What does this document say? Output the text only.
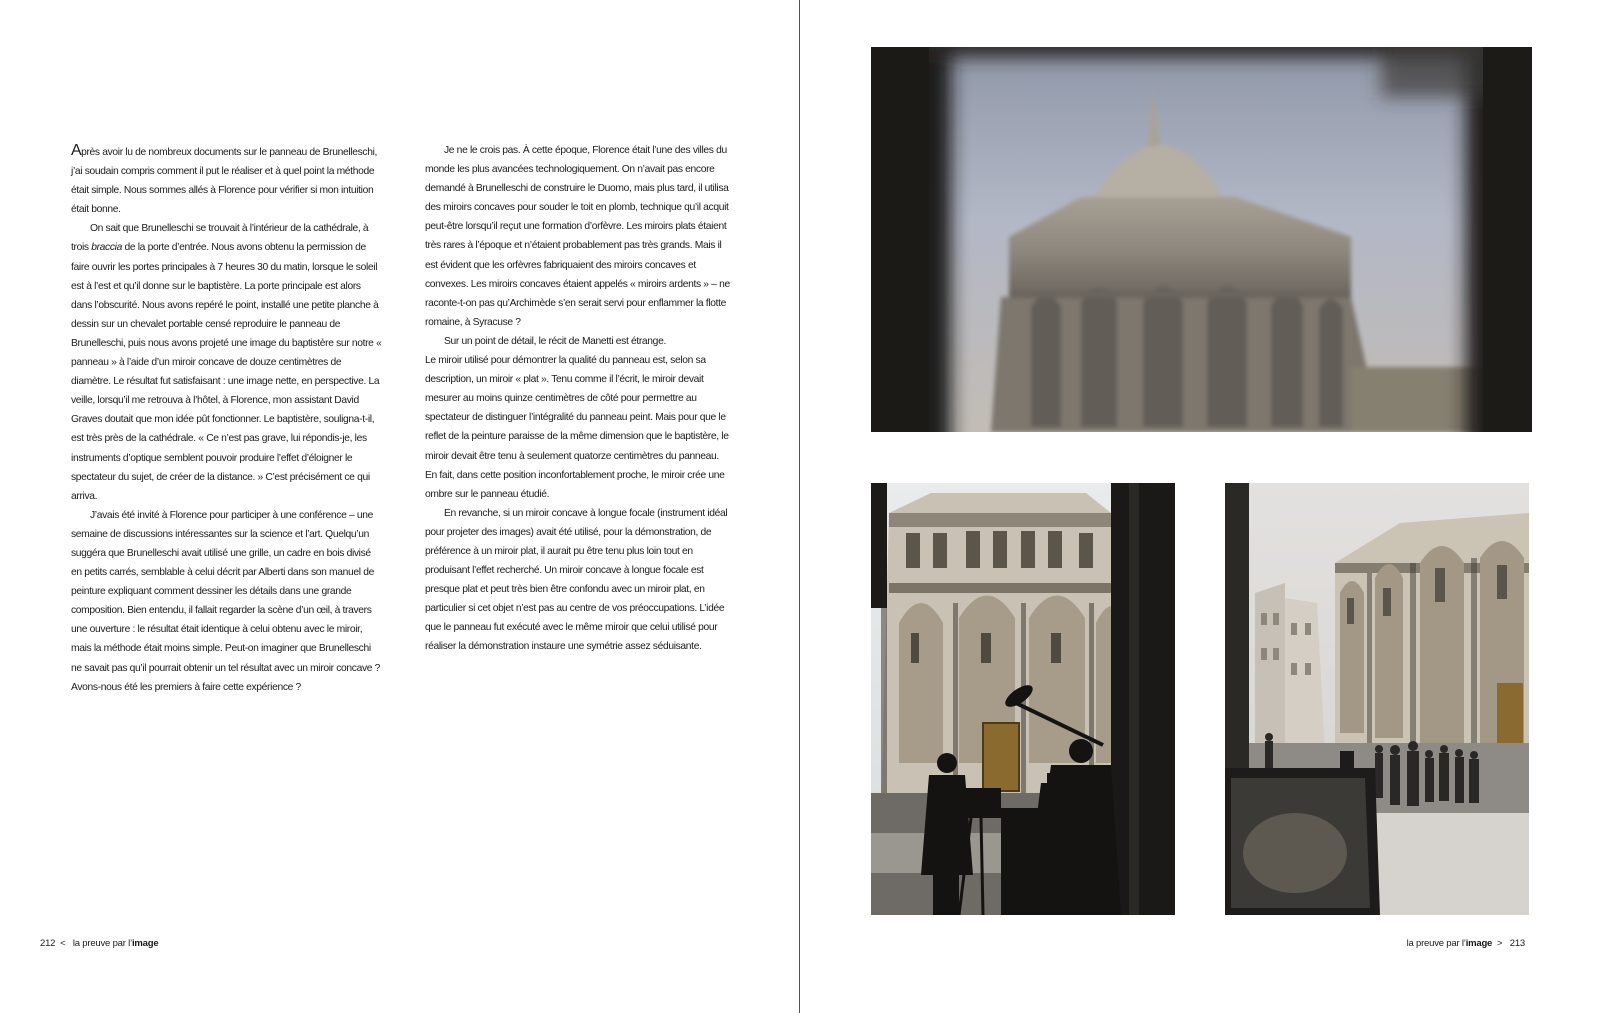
Après avoir lu de nombreux documents sur le panneau de Brunelleschi, j’ai soudain compris comment il put le réaliser et à quel point la méthode était simple. Nous sommes allés à Florence pour vérifier si mon intuition était bonne.

On sait que Brunelleschi se trouvait à l’intérieur de la cathédrale, à trois braccia de la porte d’entrée. Nous avons obtenu la permission de faire ouvrir les portes principales à 7 heures 30 du matin, lorsque le soleil est à l’est et qu’il donne sur le baptistère. La porte principale est alors dans l’obscurité. Nous avons repéré le point, installé une petite planche à dessin sur un chevalet portable censé reproduire le panneau de Brunelleschi, puis nous avons projeté une image du baptistère sur notre « panneau » à l’aide d’un miroir concave de douze centimètres de diamètre. Le résultat fut satisfaisant : une image nette, en perspective. La veille, lorsqu’il me retrouva à l’hôtel, à Florence, mon assistant David Graves doutait que mon idée pût fonctionner. Le baptistère, souligna-t-il, est très près de la cathédrale. « Ce n’est pas grave, lui répondis-je, les instruments d’optique semblent pouvoir produire l’effet d’éloigner le spectateur du sujet, de créer de la distance. » C’est précisément ce qui arriva.

J’avais été invité à Florence pour participer à une conférence – une semaine de discussions intéressantes sur la science et l’art. Quelqu’un suggéra que Brunelleschi avait utilisé une grille, un cadre en bois divisé en petits carrés, semblable à celui décrit par Alberti dans son manuel de peinture expliquant comment dessiner les détails dans une grande composition. Bien entendu, il fallait regarder la scène d’un œil, à travers une ouverture : le résultat était identique à celui obtenu avec le miroir, mais la méthode était moins simple. Peut-on imaginer que Brunelleschi ne savait pas qu’il pourrait obtenir un tel résultat avec un miroir concave ? Avons-nous été les premiers à faire cette expérience ?

Je ne le crois pas. À cette époque, Florence était l’une des villes du monde les plus avancées technologiquement. On n’avait pas encore demandé à Brunelleschi de construire le Duomo, mais plus tard, il utilisa des miroirs concaves pour souder le toit en plomb, technique qu’il acquit peut-être lorsqu’il reçut une formation d’orfèvre. Les miroirs plats étaient très rares à l’époque et n’étaient probablement pas très grands. Mais il est évident que les orfèvres fabriquaient des miroirs concaves et convexes. Les miroirs concaves étaient appelés « miroirs ardents » – ne raconte-t-on pas qu’Archimède s’en serait servi pour enflammer la flotte romaine, à Syracuse ?

Sur un point de détail, le récit de Manetti est étrange.

Le miroir utilisé pour démontrer la qualité du panneau est, selon sa description, un miroir « plat ». Tenu comme il l’écrit, le miroir devait mesurer au moins quinze centimètres de côté pour permettre au spectateur de distinguer l’intégralité du panneau peint. Mais pour que le reflet de la peinture paraisse de la même dimension que le baptistère, le miroir devait être tenu à seulement quatorze centimètres du panneau. En fait, dans cette position inconfortablement proche, le miroir crée une ombre sur le panneau étudié.

En revanche, si un miroir concave à longue focale (instrument idéal pour projeter des images) avait été utilisé, pour la démonstration, de préférence à un miroir plat, il aurait pu être tenu plus loin tout en produisant l’effet recherché. Un miroir concave à longue focale est presque plat et peut très bien être confondu avec un miroir plat, en particulier si cet objet n’est pas au centre de vos préoccupations. L’idée que le panneau fut exécuté avec le même miroir que celui utilisé pour réaliser la démonstration instaure une symétrie assez séduisante.

212 < la preuve par l’image	la preuve par l’image > 213
